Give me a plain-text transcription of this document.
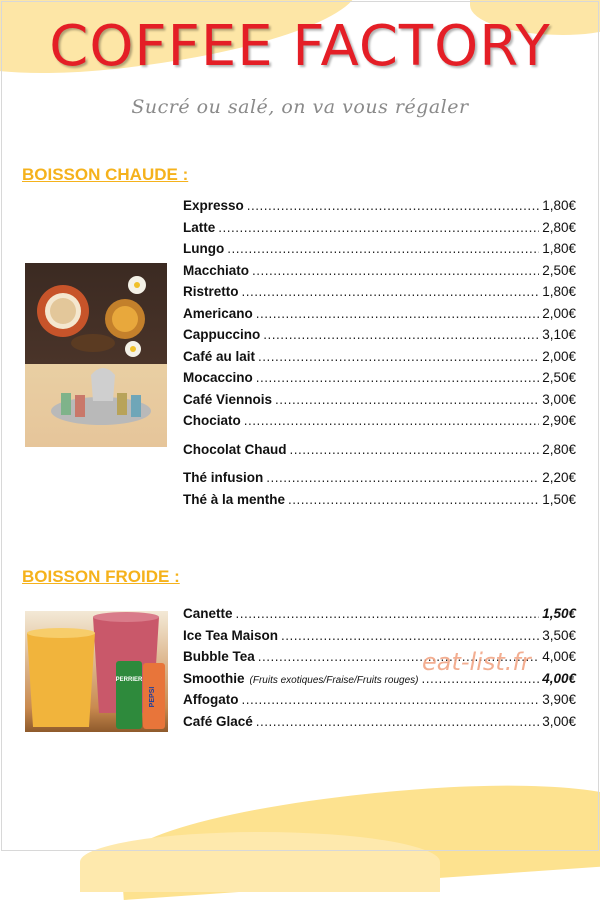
COFFEE FACTORY
Sucré ou salé, on va vous régaler
BOISSON CHAUDE :
Expresso .....	1,80€
Latte .....	2,80€
Lungo .....	1,80€
Macchiato .....	2,50€
Ristretto .....	1,80€
Americano .....	2,00€
Cappuccino .....	3,10€
Café au lait .....	2,00€
Mocaccino .....	2,50€
Café Viennois .....	3,00€
Chociato .....	2,90€
Chocolat Chaud .....	2,80€
Thé infusion .....	2,20€
Thé à la menthe .....	1,50€
BOISSON FROIDE :
PERRIER
PEPSI
Canette .....	1,50€
Ice Tea Maison .....	3,50€
Bubble Tea .....	4,00€
Smoothie (Fruits exotiques/Fraise/Fruits rouges) .....	4,00€
Affogato .....	3,90€
Café Glacé .....	3,00€
eat-list.fr
